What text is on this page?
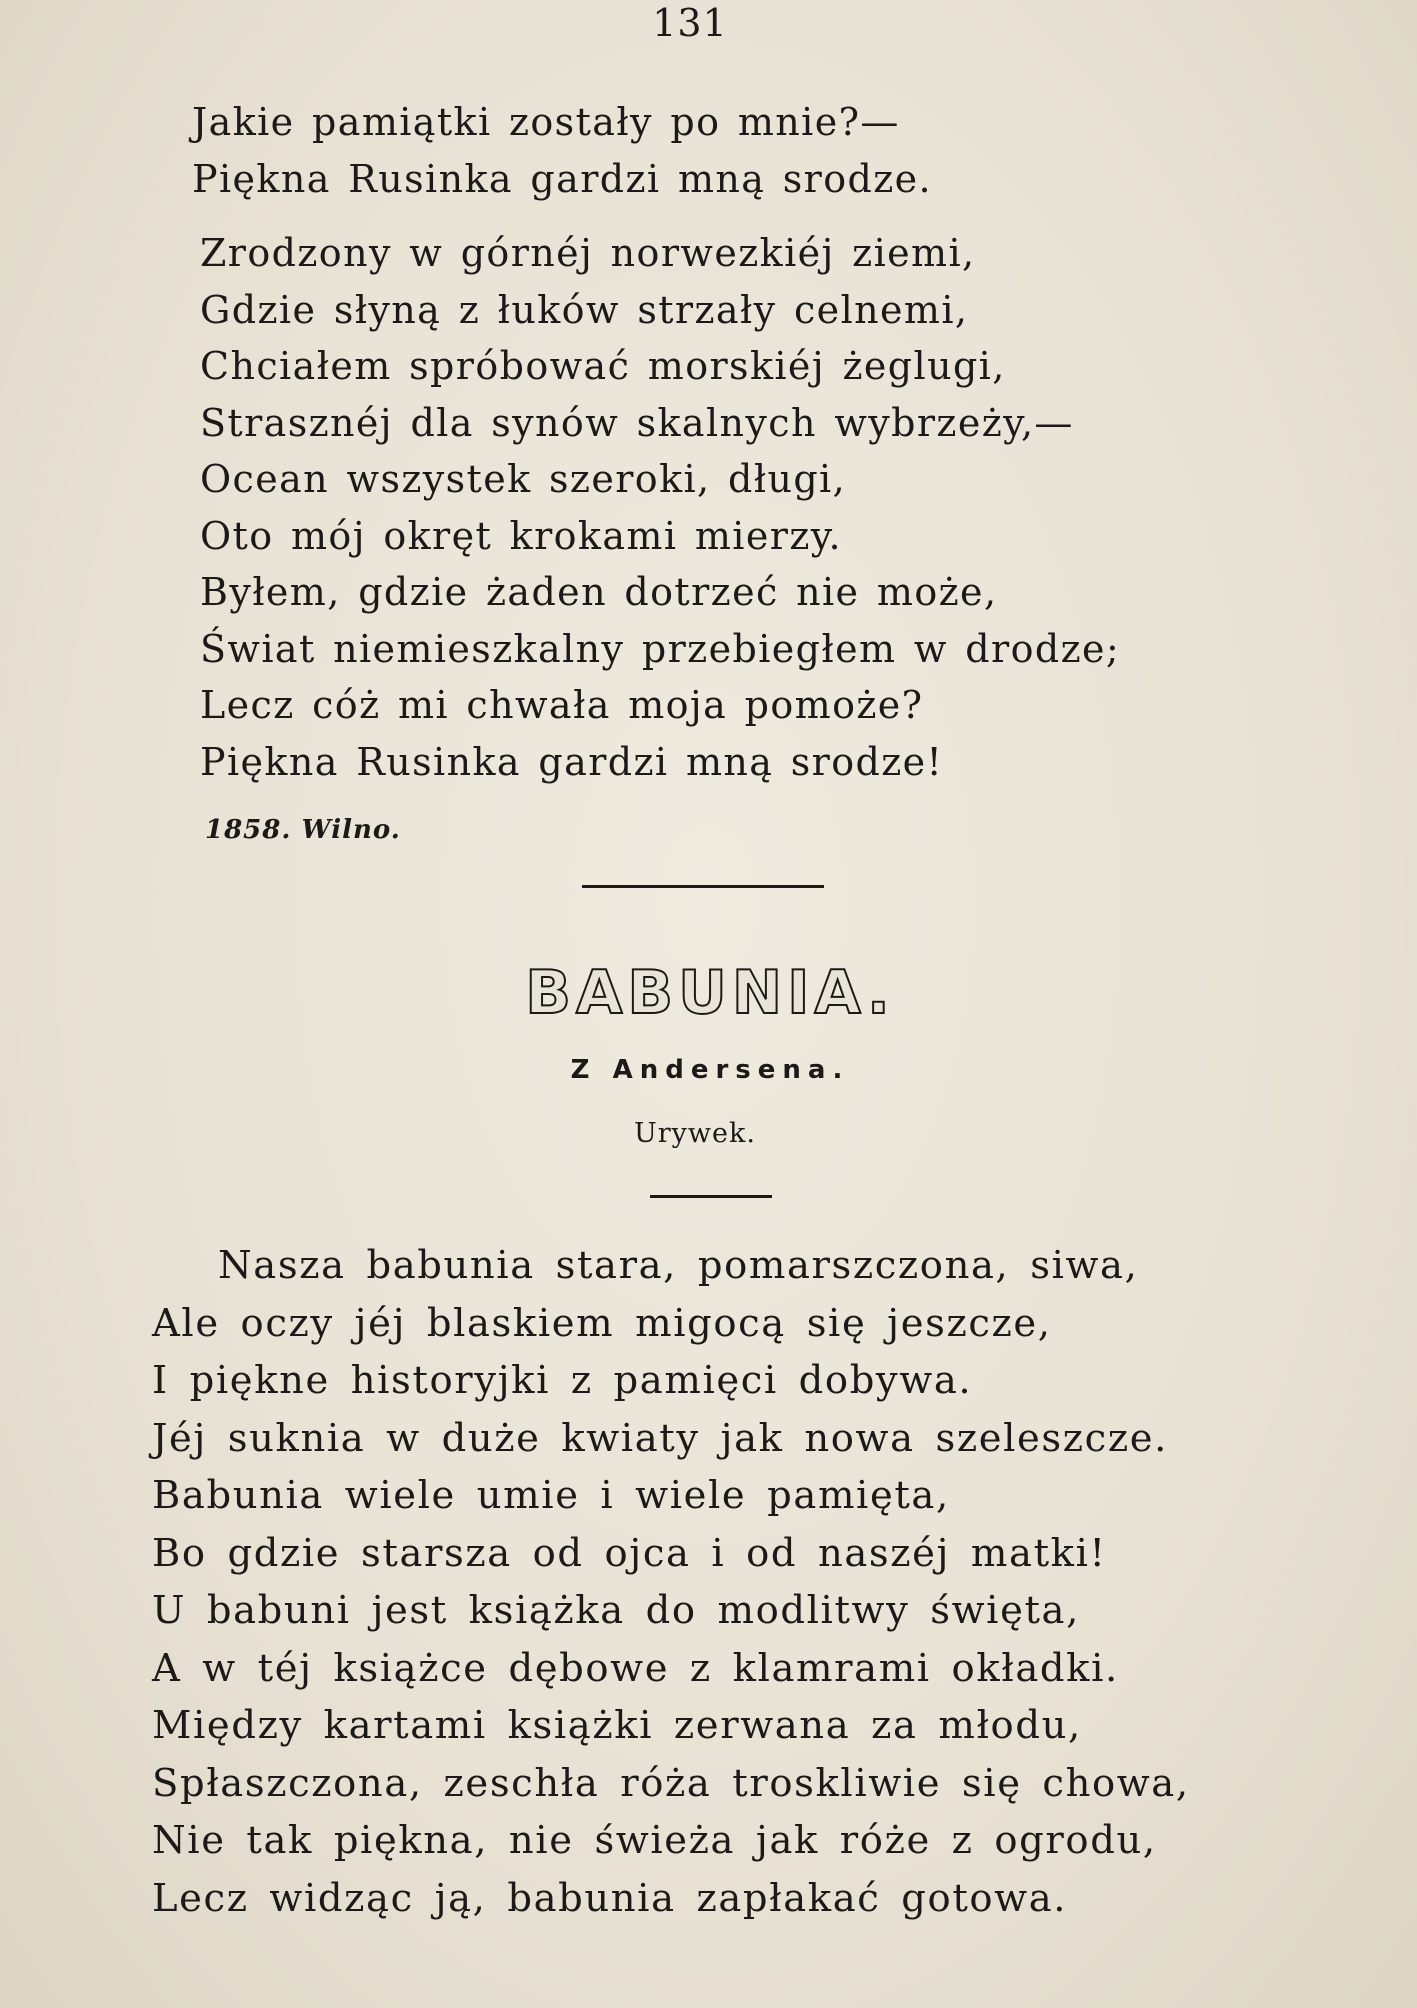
131
Jakie pamiątki zostały po mnie?—
Piękna Rusinka gardzi mną srodze.
Zrodzony w górnéj norwezkiéj ziemi,
Gdzie słyną z łuków strzały celnemi,
Chciałem spróbować morskiéj żeglugi,
Strasznéj dla synów skalnych wybrzeży,—
Ocean wszystek szeroki, długi,
Oto mój okręt krokami mierzy.
Byłem, gdzie żaden dotrzeć nie może,
Świat niemieszkalny przebiegłem w drodze;
Lecz cóż mi chwała moja pomoże?
Piękna Rusinka gardzi mną srodze!
1858. Wilno.
BABUNIA.
Z Andersena.
Urywek.
Nasza babunia stara, pomarszczona, siwa,
Ale oczy jéj blaskiem migocą się jeszcze,
I piękne historyjki z pamięci dobywa.
Jéj suknia w duże kwiaty jak nowa szeleszcze.
Babunia wiele umie i wiele pamięta,
Bo gdzie starsza od ojca i od naszéj matki!
U babuni jest książka do modlitwy święta,
A w téj książce dębowe z klamrami okładki.
Między kartami książki zerwana za młodu,
Spłaszczona, zeschła róża troskliwie się chowa,
Nie tak piękna, nie świeża jak róże z ogrodu,
Lecz widząc ją, babunia zapłakać gotowa.
